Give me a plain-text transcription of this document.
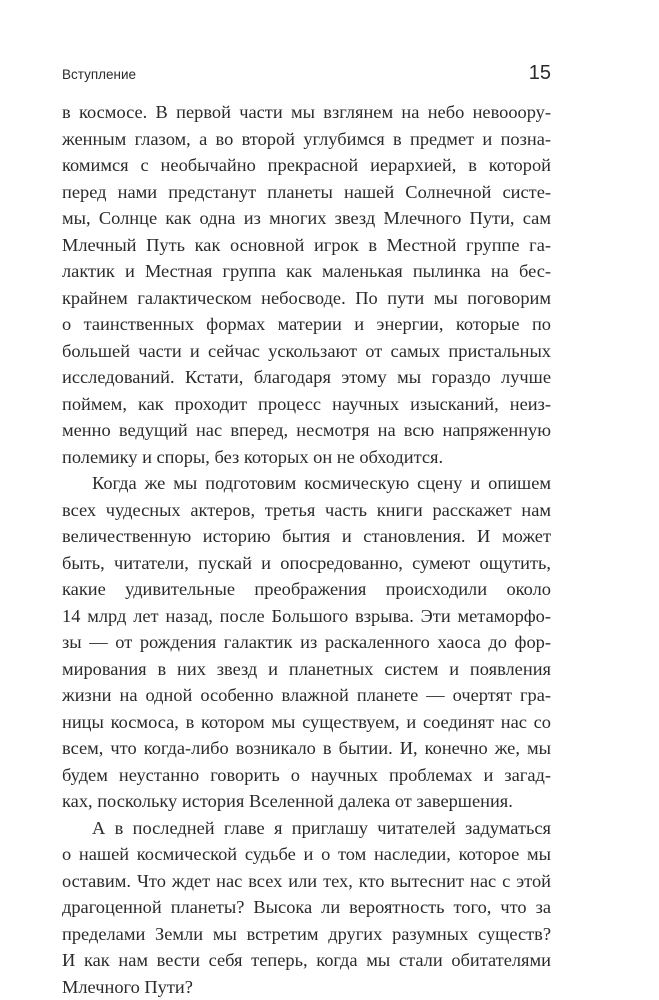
Вступление	15
в космосе. В первой части мы взглянем на небо невооору-
женным глазом, а во второй углубимся в предмет и позна-
комимся с необычайно прекрасной иерархией, в которой
перед нами предстанут планеты нашей Солнечной систе-
мы, Солнце как одна из многих звезд Млечного Пути, сам
Млечный Путь как основной игрок в Местной группе га-
лактик и Местная группа как маленькая пылинка на бес-
крайнем галактическом небосводе. По пути мы поговорим
о таинственных формах материи и энергии, которые по
большей части и сейчас ускользают от самых пристальных
исследований. Кстати, благодаря этому мы гораздо лучше
поймем, как проходит процесс научных изысканий, неиз-
менно ведущий нас вперед, несмотря на всю напряженную
полемику и споры, без которых он не обходится.
Когда же мы подготовим космическую сцену и опишем
всех чудесных актеров, третья часть книги расскажет нам
величественную историю бытия и становления. И может
быть, читатели, пускай и опосредованно, сумеют ощутить,
какие удивительные преображения происходили около
14 млрд лет назад, после Большого взрыва. Эти метаморфо-
зы — от рождения галактик из раскаленного хаоса до фор-
мирования в них звезд и планетных систем и появления
жизни на одной особенно влажной планете — очертят гра-
ницы космоса, в котором мы существуем, и соединят нас со
всем, что когда-либо возникало в бытии. И, конечно же, мы
будем неустанно говорить о научных проблемах и загад-
ках, поскольку история Вселенной далека от завершения.
А в последней главе я приглашу читателей задуматься
о нашей космической судьбе и о том наследии, которое мы
оставим. Что ждет нас всех или тех, кто вытеснит нас с этой
драгоценной планеты? Высока ли вероятность того, что за
пределами Земли мы встретим других разумных существ?
И как нам вести себя теперь, когда мы стали обитателями
Млечного Пути?
